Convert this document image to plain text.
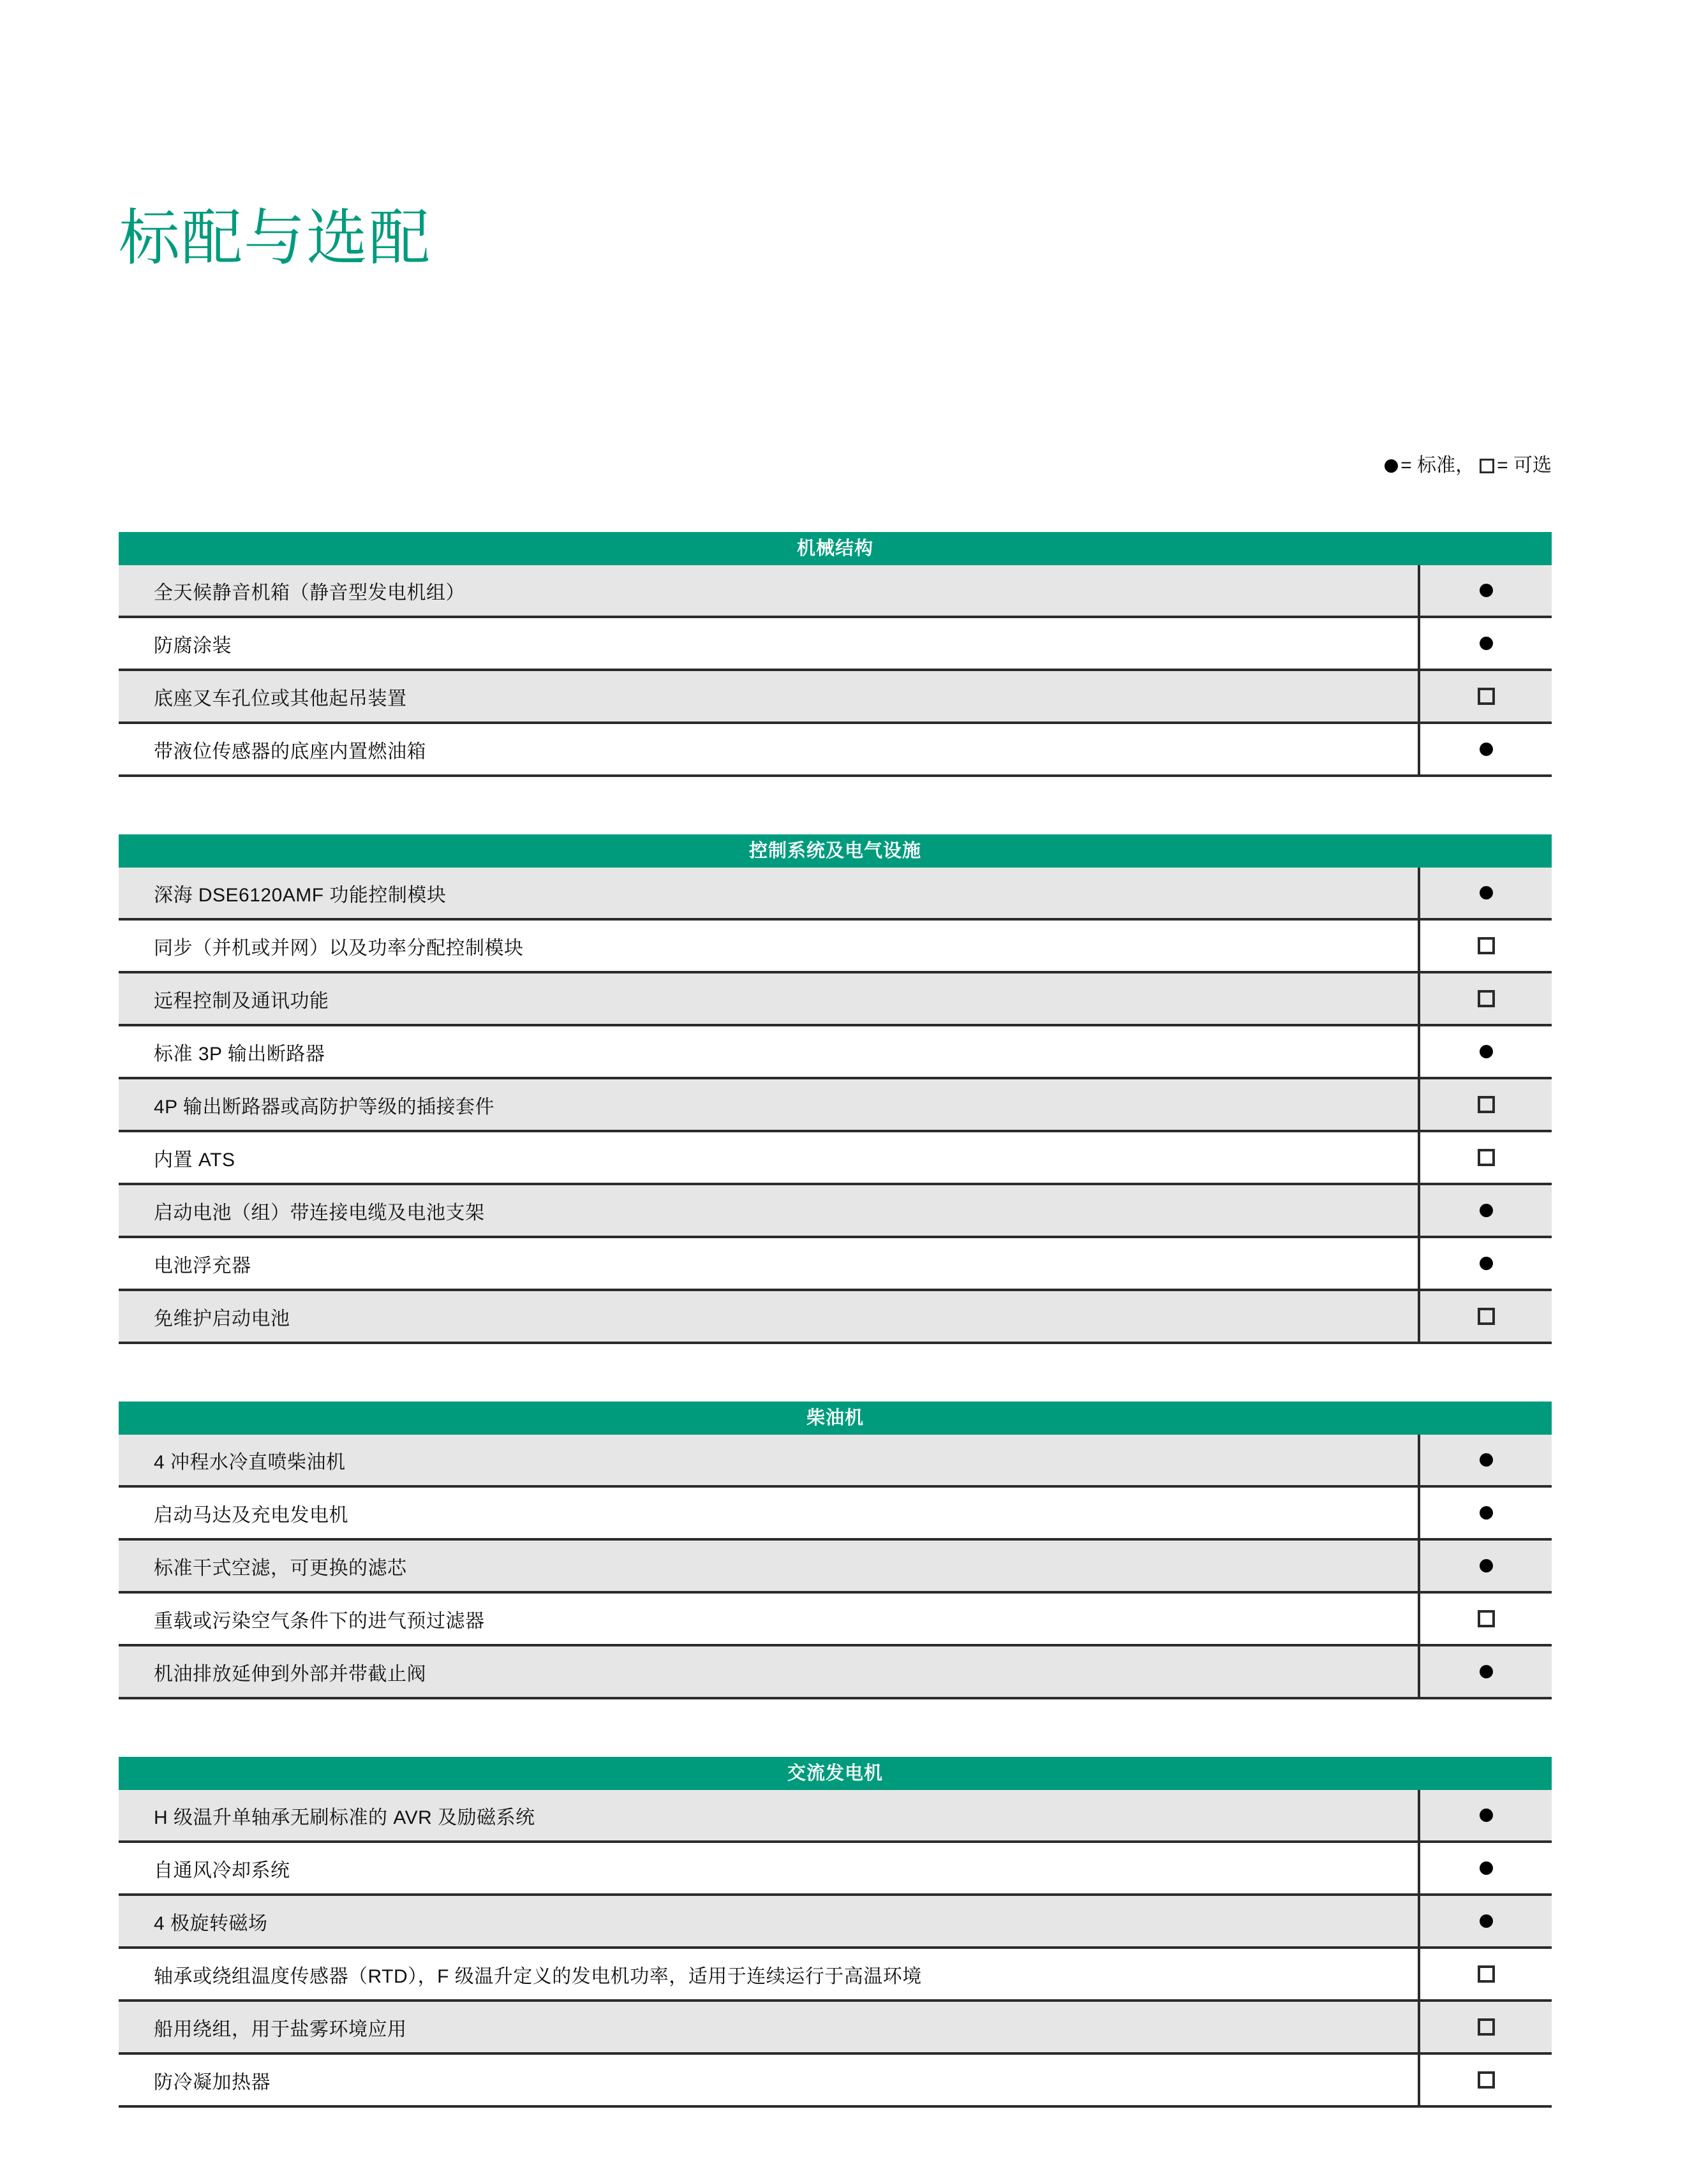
标配与选配
= 标准， = 可选
机械结构
全天候静音机箱（静音型发电机组）
防腐涂装
底座叉车孔位或其他起吊装置
带液位传感器的底座内置燃油箱
控制系统及电气设施
深海 DSE6120AMF 功能控制模块
同步（并机或并网）以及功率分配控制模块
远程控制及通讯功能
标准 3P 输出断路器
4P 输出断路器或高防护等级的插接套件
内置 ATS
启动电池（组）带连接电缆及电池支架
电池浮充器
免维护启动电池
柴油机
4 冲程水冷直喷柴油机
启动马达及充电发电机
标准干式空滤，可更换的滤芯
重载或污染空气条件下的进气预过滤器
机油排放延伸到外部并带截止阀
交流发电机
H 级温升单轴承无刷标准的 AVR 及励磁系统
自通风冷却系统
4 极旋转磁场
轴承或绕组温度传感器（RTD），F 级温升定义的发电机功率，适用于连续运行于高温环境
船用绕组，用于盐雾环境应用
防冷凝加热器
